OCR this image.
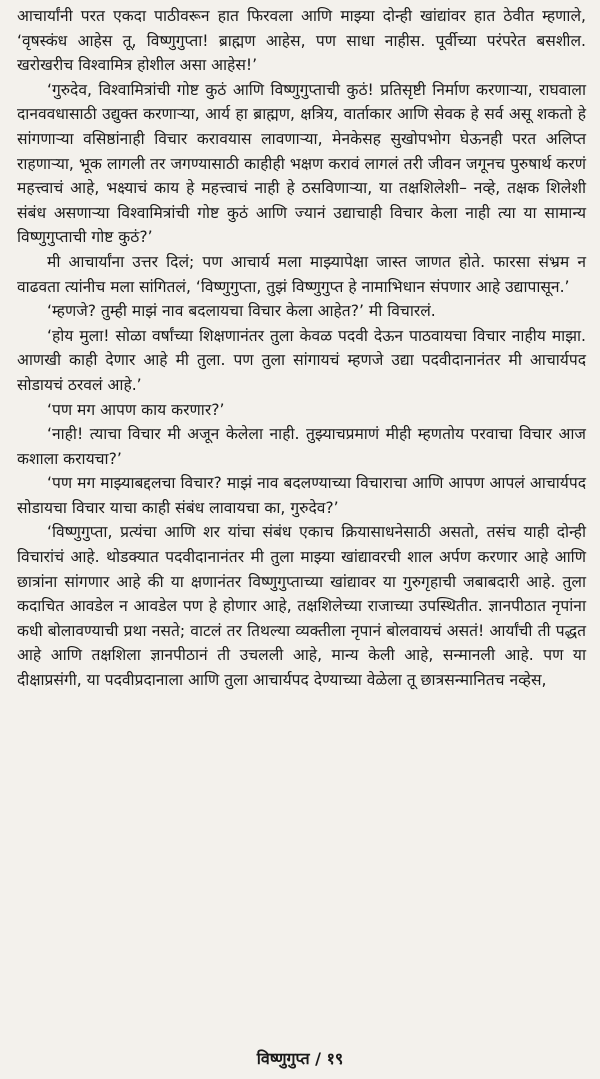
आचार्यांनी परत एकदा पाठीवरून हात फिरवला आणि माझ्या दोन्ही खांद्यांवर हात ठेवीत म्हणाले, ‘वृषस्कंध आहेस तू, विष्णुगुप्ता! ब्राह्मण आहेस, पण साधा नाहीस. पूर्वीच्या परंपरेत बसशील. खरोखरीच विश्वामित्र होशील असा आहेस!’

‘गुरुदेव, विश्वामित्रांची गोष्ट कुठं आणि विष्णुगुप्ताची कुठं! प्रतिसृष्टी निर्माण करणाऱ्या, राघवाला दानववधासाठी उद्युक्त करणाऱ्या, आर्य हा ब्राह्मण, क्षत्रिय, वार्ताकार आणि सेवक हे सर्व असू शकतो हे सांगणाऱ्या वसिष्ठांनाही विचार करावयास लावणाऱ्या, मेनकेसह सुखोपभोग घेऊनही परत अलिप्त राहणाऱ्या, भूक लागली तर जगण्यासाठी काहीही भक्षण करावं लागलं तरी जीवन जगूनच पुरुषार्थ करणं महत्त्वाचं आहे, भक्ष्याचं काय हे महत्त्वाचं नाही हे ठसविणाऱ्या, या तक्षशिलेशी– नव्हे, तक्षक शिलेशी संबंध असणाऱ्या विश्वामित्रांची गोष्ट कुठं आणि ज्यानं उद्याचाही विचार केला नाही त्या या सामान्य विष्णुगुप्ताची गोष्ट कुठं?’

मी आचार्यांना उत्तर दिलं; पण आचार्य मला माझ्यापेक्षा जास्त जाणत होते. फारसा संभ्रम न वाढवता त्यांनीच मला सांगितलं, ‘विष्णुगुप्ता, तुझं विष्णुगुप्त हे नामाभिधान संपणार आहे उद्यापासून.’

‘म्हणजे? तुम्ही माझं नाव बदलायचा विचार केला आहेत?’ मी विचारलं.

‘होय मुला! सोळा वर्षांच्या शिक्षणानंतर तुला केवळ पदवी देऊन पाठवायचा विचार नाहीय माझा. आणखी काही देणार आहे मी तुला. पण तुला सांगायचं म्हणजे उद्या पदवीदानानंतर मी आचार्यपद सोडायचं ठरवलं आहे.’

‘पण मग आपण काय करणार?’

‘नाही! त्याचा विचार मी अजून केलेला नाही. तुझ्याचप्रमाणं मीही म्हणतोय परवाचा विचार आज कशाला करायचा?’

‘पण मग माझ्याबद्दलचा विचार? माझं नाव बदलण्याच्या विचाराचा आणि आपण आपलं आचार्यपद सोडायचा विचार याचा काही संबंध लावायचा का, गुरुदेव?’

‘विष्णुगुप्ता, प्रत्यंचा आणि शर यांचा संबंध एकाच क्रियासाधनेसाठी असतो, तसंच याही दोन्ही विचारांचं आहे. थोडक्यात पदवीदानानंतर मी तुला माझ्या खांद्यावरची शाल अर्पण करणार आहे आणि छात्रांना सांगणार आहे की या क्षणानंतर विष्णुगुप्ताच्या खांद्यावर या गुरुगृहाची जबाबदारी आहे. तुला कदाचित आवडेल न आवडेल पण हे होणार आहे, तक्षशिलेच्या राजाच्या उपस्थितीत. ज्ञानपीठात नृपांना कधी बोलावण्याची प्रथा नसते; वाटलं तर तिथल्या व्यक्तीला नृपानं बोलवायचं असतं! आर्यांची ती पद्धत आहे आणि तक्षशिला ज्ञानपीठानं ती उचलली आहे, मान्य केली आहे, सन्मानली आहे. पण या दीक्षाप्रसंगी, या पदवीप्रदानाला आणि तुला आचार्यपद देण्याच्या वेळेला तू छात्रसन्मानितच नव्हेस,

विष्णुगुप्त / १९
